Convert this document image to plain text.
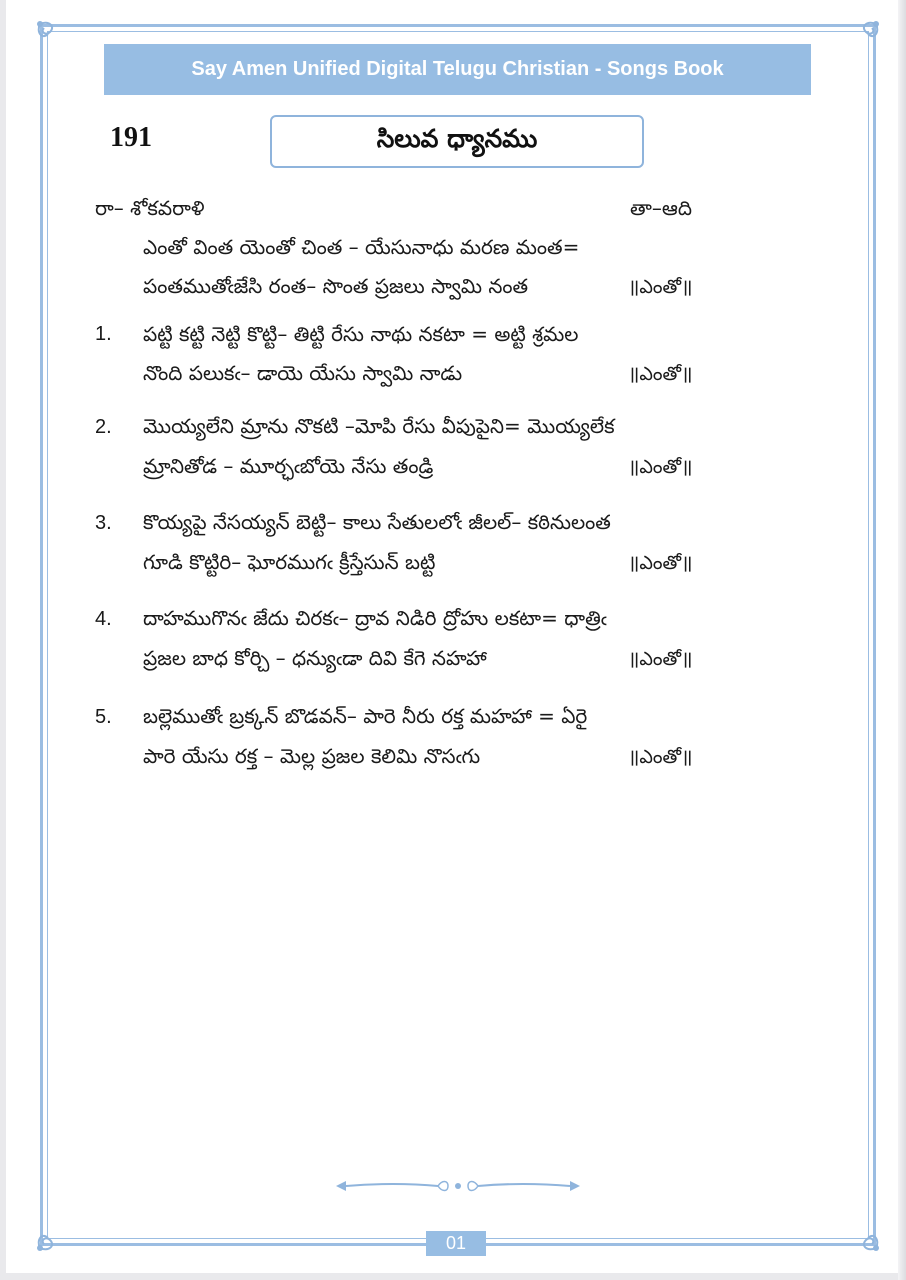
Say Amen Unified Digital Telugu Christian - Songs Book
191	సిలువ ధ్యానము
రా– శోకవరాళి	తా–ఆది
ఎంతో వింత యెంతో చింత – యేసునాధు మరణ మంత=
పంతముతోఁజేసి రంత– సొంత ప్రజలు స్వామి నంత	॥ఎంతో॥
1. పట్టి కట్టి నెట్టి కొట్టి– తిట్టి రేసు నాథు నకటా = అట్టి శ్రమల
నొంది పలుకఁ– డాయె యేసు స్వామి నాడు	॥ఎంతో॥
2. మొయ్యలేని మ్రాను నొకటి –మోపి రేసు వీపుపైని= మొయ్యలేక
మ్రానితోడ – మూర్ఛఁబోయె నేసు తండ్రి	॥ఎంతో॥
3. కొయ్యపై నేసయ్యన్ బెట్టి– కాలు సేతులలోఁ జీలల్– కఠినులంత
గూడి కొట్టిరి– ఘోరముగఁ క్రీస్తేసున్ బట్టి	॥ఎంతో॥
4. దాహముగొనఁ జేదు చిరకఁ– ద్రావ నిడిరి ద్రోహు లకటా= ధాత్రిఁ
ప్రజల బాధ కోర్చి – ధన్యుఁడా దివి కేగె నహహా	॥ఎంతో॥
5. బల్లెముతోఁ బ్రక్కన్ బొడవన్– పారె నీరు రక్త మహహా = ఏరై
పారె యేసు రక్త – మెల్ల ప్రజల కెలిమి నొసఁగు	॥ఎంతో॥
01
